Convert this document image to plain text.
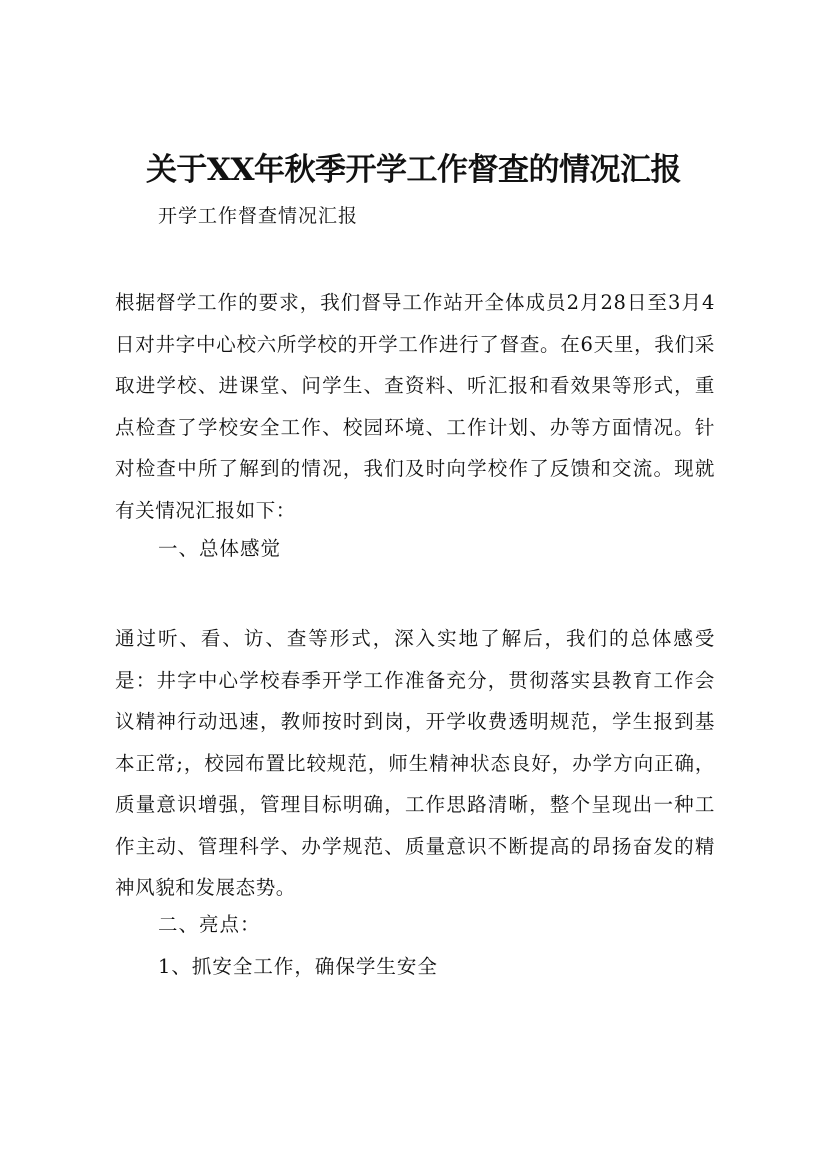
关于XX年秋季开学工作督查的情况汇报
开学工作督查情况汇报

根据督学工作的要求，我们督导工作站开全体成员2月28日至3月4日对井字中心校六所学校的开学工作进行了督查。在6天里，我们采取进学校、进课堂、问学生、查资料、听汇报和看效果等形式，重点检查了学校安全工作、校园环境、工作计划、办等方面情况。针对检查中所了解到的情况，我们及时向学校作了反馈和交流。现就有关情况汇报如下：

一、总体感觉

通过听、看、访、查等形式，深入实地了解后，我们的总体感受是：井字中心学校春季开学工作准备充分，贯彻落实县教育工作会议精神行动迅速，教师按时到岗，开学收费透明规范，学生报到基本正常;，校园布置比较规范，师生精神状态良好，办学方向正确，质量意识增强，管理目标明确，工作思路清晰，整个呈现出一种工作主动、管理科学、办学规范、质量意识不断提高的昂扬奋发的精神风貌和发展态势。

二、亮点：
1、抓安全工作，确保学生安全
